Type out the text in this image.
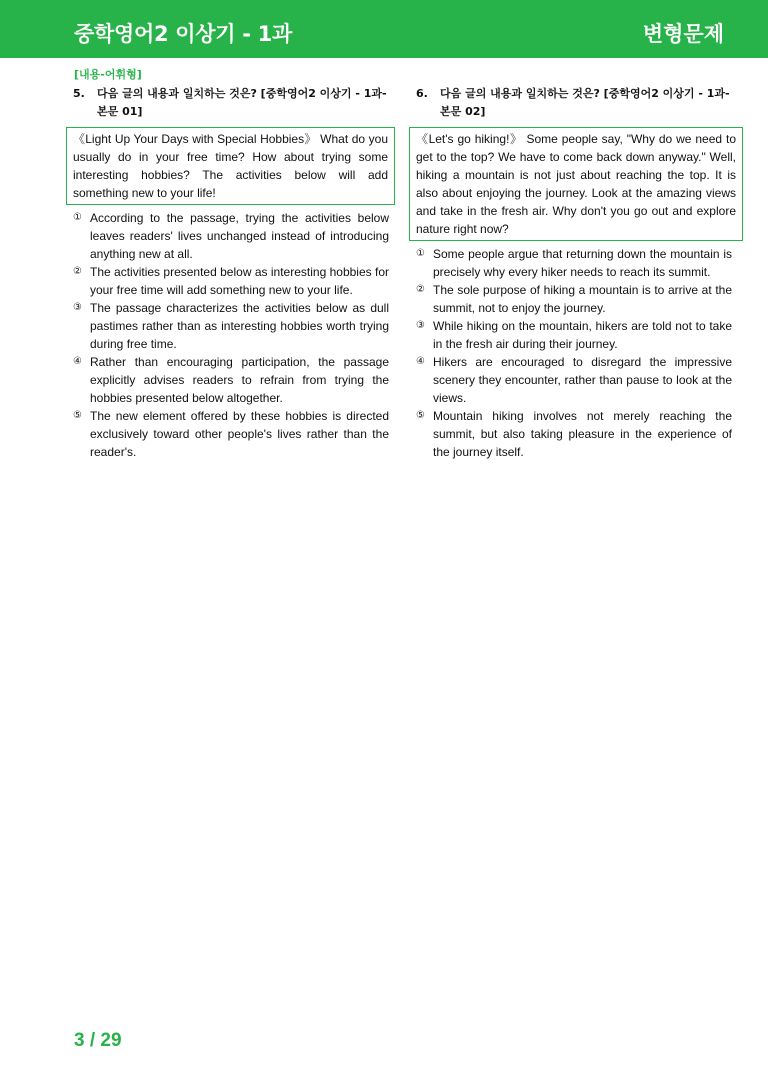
중학영어2 이상기 - 1과	변형문제
[내용-어휘형]
5.	다음 글의 내용과 일치하는 것은? [중학영어2 이상기 - 1과-본문 01]
《Light Up Your Days with Special Hobbies》 What do you usually do in your free time? How about trying some interesting hobbies? The activities below will add something new to your life!
① According to the passage, trying the activities below leaves readers' lives unchanged instead of introducing anything new at all.
② The activities presented below as interesting hobbies for your free time will add something new to your life.
③ The passage characterizes the activities below as dull pastimes rather than as interesting hobbies worth trying during free time.
④ Rather than encouraging participation, the passage explicitly advises readers to refrain from trying the hobbies presented below altogether.
⑤ The new element offered by these hobbies is directed exclusively toward other people's lives rather than the reader's.
6.	다음 글의 내용과 일치하는 것은? [중학영어2 이상기 - 1과-본문 02]
《Let's go hiking!》 Some people say, "Why do we need to get to the top? We have to come back down anyway." Well, hiking a mountain is not just about reaching the top. It is also about enjoying the journey. Look at the amazing views and take in the fresh air. Why don't you go out and explore nature right now?
① Some people argue that returning down the mountain is precisely why every hiker needs to reach its summit.
② The sole purpose of hiking a mountain is to arrive at the summit, not to enjoy the journey.
③ While hiking on the mountain, hikers are told not to take in the fresh air during their journey.
④ Hikers are encouraged to disregard the impressive scenery they encounter, rather than pause to look at the views.
⑤ Mountain hiking involves not merely reaching the summit, but also taking pleasure in the experience of the journey itself.
3 / 29
